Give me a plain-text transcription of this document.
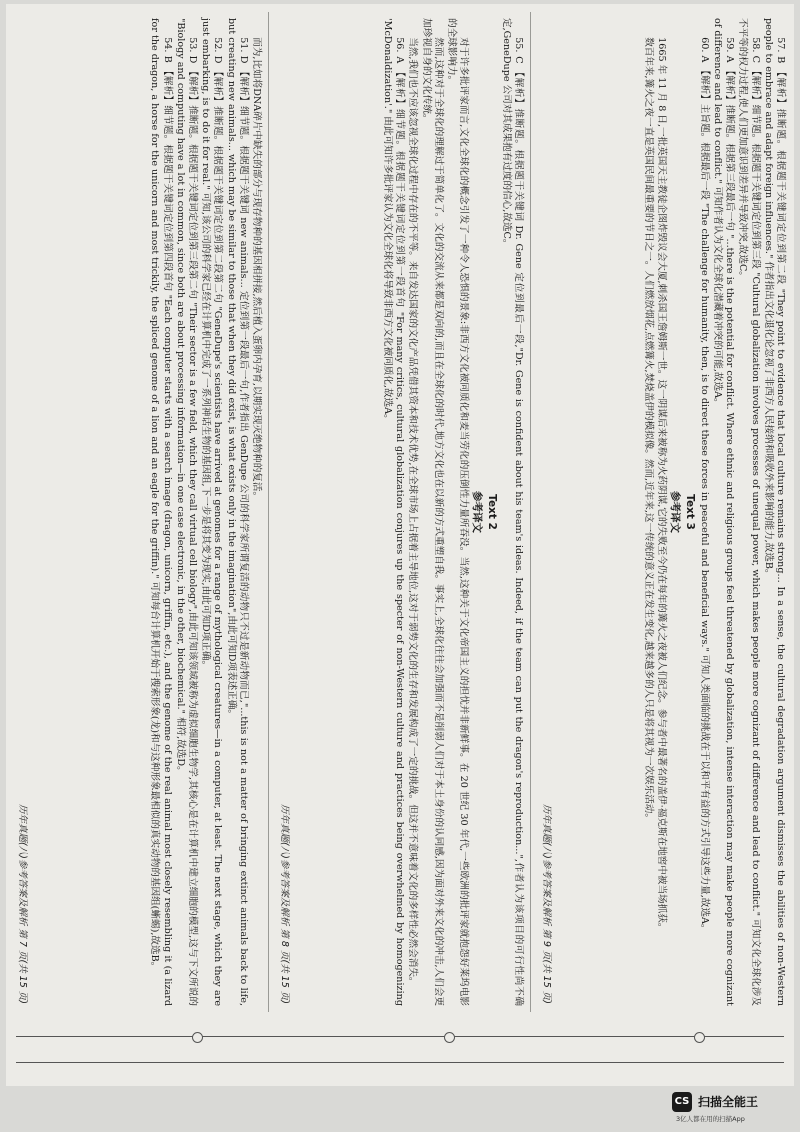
而为,比如将DNA碎片中缺失的部分与现存物种的基因相拼接,然后植入蛋卵内孕育,以期实现灭绝物种的复活。

51. D 【解析】细节题。根据题干关键词 new animals... 定位到第一段最后一句,作者指出 GenDupe 公司的科学家所谓复活的动物只不过是新动物而已,"...this is not a matter of bringing extinct animals back to life, but creating new animals... which may be similar to those that when they did exist, is what exists only in the imagination",由此可知D项表述正确。

52. D 【解析】推断题。根据题干关键词定位到第二段第二句 "GeneDupe's scientists have arrived at genomes for a range of mythological creatures—in a computer, at least. The next stage, which they are just embarking, is to do it for real." 可知,该公司的科学家已经在计算机中完成了一系列神话生物的基因组,下一步是将其变为现实,由此可知D项正确。

53. D 【解析】推断题。根据题干关键词定位到第三段第二句 "Their sector is a few field, which they call virtual cell biology",由此可知该领域被称为虚拟细胞生物学,其核心是在计算机中建立细胞的模型,这与下文所说的 "Biology and computing have a lot in common, since both are about processing information—in one case electronic, in the other, biochemical." 相符,故选D。

54. B 【解析】细节题。根据题干关键词定位到第四段首句 "Each computer starts with a search image (dragon, unicorn, griffin, etc.), and the genome of the real animal most closely resembling it (a lizard for the dragon, a horse for the unicorn and most trickily, the spliced genome of a lion and an eagle for the griffin)." 可知每台计算机开始于搜索形象(龙)和与这种形象最相似的真实动物的基因组(蜥蜴),故选B。

历年真题(八)参考答案及解析 第 7 页(共 15 页)	55. C 【解析】推断题。根据题干关键词 Dr. Gene 定位到最后一段,"Dr. Gene is confident about his team's ideas. Indeed, if the team can put the dragon's reproduction...",作者认为该项目的可行性尚不确定,GeneDupe 公司对其成果抱有过度的信心,故选C。

Text 2
参考译文

对于许多批评家而言,文化全球化的概念引发了一种令人恐惧的景象:非西方文化被同质化和麦当劳化的压倒性力量所吞没。当然,这种关于文化帝国主义的担忧并非新鲜事。在 20 世纪 30 年代,一些欧洲的批评家就抱怨好莱坞电影的全球影响力。

然而,这种对于全球化的理解过于简单化了。文化的交流从来都是双向的,而且在全球化的时代,地方文化也在以新的方式重塑自我。事实上,全球化往往会加强而不是削弱人们对于本土身份的认同感,因为面对外来文化的冲击,人们会更加珍视自身的文化传统。

当然,我们也不应该忽视全球化过程中存在的不平等。来自发达国家的文化产品凭借其资本和技术优势,在全球市场上占据着主导地位,这对于弱势文化的生存和发展构成了一定的挑战。但这并不意味着文化的多样性必然会消失。

56. A 【解析】细节题。根据题干关键词定位到第一段首句 "For many critics, cultural globalization conjures up the specter of non-Western culture and practices being overwhelmed by homogenizing 'McDonaldization'." 由此可知许多批评家认为文化全球化将导致非西方文化被同质化,故选A。

历年真题(八)参考答案及解析 第 8 页(共 15 页)	57. B 【解析】推断题。根据题干关键词定位到第二段 "They point to evidence that local culture remains strong... In a sense, the cultural degradation argument dismisses the abilities of non-Western people to embrace and adapt foreign influences." 作者指出文化退化论忽视了非西方人民接纳和吸收外来影响的能力,故选B。

58. C 【解析】细节题。根据题干关键词定位到第三段 "Cultural globalization involves processes of unequal power, which makes people more cognizant of difference and lead to conflict." 可知文化全球化涉及不平等的权力过程,使人们更加意识到差异并导致冲突,故选C。

59. A 【解析】推断题。根据第三段最后一句 "...there is the potential for conflict. Where ethnic and religious groups feel threatened by globalization, intense interaction may make people more cognizant of difference and lead to conflict." 可知作者认为文化全球化潜藏着冲突的可能,故选A。

60. A 【解析】主旨题。根据最后一段 "The challenge for humanity, then, is to direct these forces in peaceful and beneficial ways." 可知人类面临的挑战在于以和平有益的方式引导这些力量,故选A。

Text 3
参考译文

1665 年 11 月 8 日,一批英国天主教徒企图炸毁议会大厦,刺杀国王詹姆斯一世。这一阴谋后来被称为火药阴谋,它的失败至今仍在每年的篝火之夜被人们纪念。参与者中最著名的盖伊·福克斯在地窖中被当场抓获。

数百年来,篝火之夜一直是英国民间最重要的节日之一。人们燃放烟花,点燃篝火,焚烧盖伊的模拟像。然而,近年来,这一传统的意义正在发生变化,越来越多的人只是将其视为一次娱乐活动。

历年真题(八)参考答案及解析 第 9 页(共 15 页)
CS 扫描全能王
3亿人都在用的扫描App
